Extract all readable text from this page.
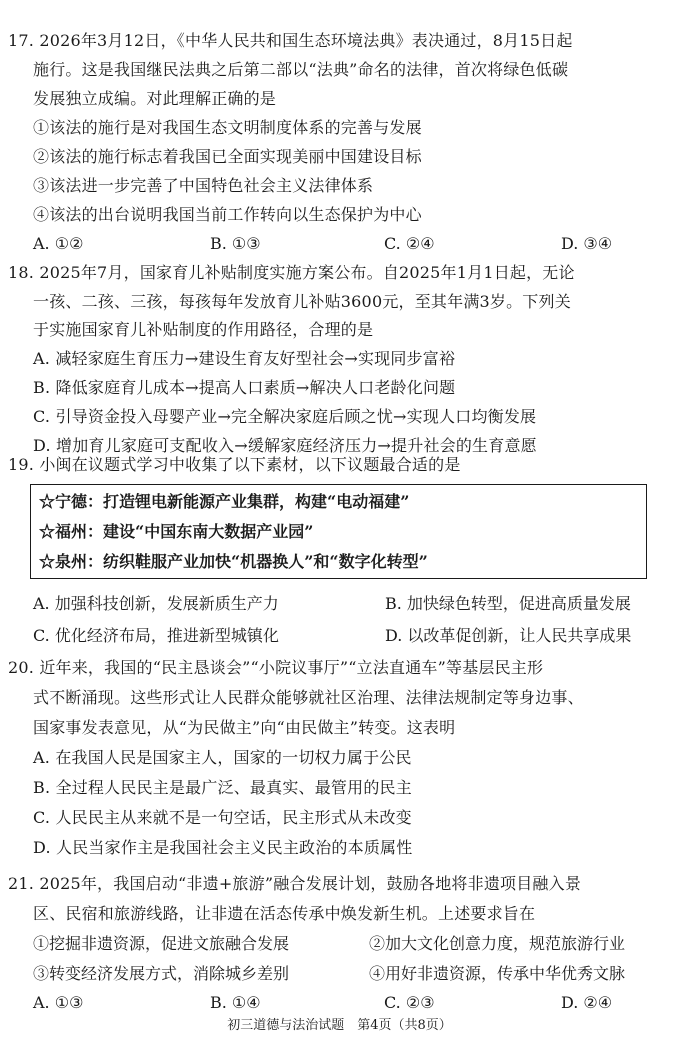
17. 2026年3月12日，《中华人民共和国生态环境法典》表决通过，8月15日起
施行。这是我国继民法典之后第二部以“法典”命名的法律，首次将绿色低碳
发展独立成编。对此理解正确的是
①该法的施行是对我国生态文明制度体系的完善与发展
②该法的施行标志着我国已全面实现美丽中国建设目标
③该法进一步完善了中国特色社会主义法律体系
④该法的出台说明我国当前工作转向以生态保护为中心
A. ①②	B. ①③	C. ②④	D. ③④
18. 2025年7月，国家育儿补贴制度实施方案公布。自2025年1月1日起，无论
一孩、二孩、三孩，每孩每年发放育儿补贴3600元，至其年满3岁。下列关
于实施国家育儿补贴制度的作用路径，合理的是
A. 减轻家庭生育压力→建设生育友好型社会→实现同步富裕
B. 降低家庭育儿成本→提高人口素质→解决人口老龄化问题
C. 引导资金投入母婴产业→完全解决家庭后顾之忧→实现人口均衡发展
D. 增加育儿家庭可支配收入→缓解家庭经济压力→提升社会的生育意愿
19. 小闽在议题式学习中收集了以下素材，以下议题最合适的是
☆宁德：打造锂电新能源产业集群，构建“电动福建”
☆福州：建设“中国东南大数据产业园”
☆泉州：纺织鞋服产业加快“机器换人”和“数字化转型”
A. 加强科技创新，发展新质生产力	B. 加快绿色转型，促进高质量发展
C. 优化经济布局，推进新型城镇化	D. 以改革促创新，让人民共享成果
20. 近年来，我国的“民主恳谈会”“小院议事厅”“立法直通车”等基层民主形
式不断涌现。这些形式让人民群众能够就社区治理、法律法规制定等身边事、
国家事发表意见，从“为民做主”向“由民做主”转变。这表明
A. 在我国人民是国家主人，国家的一切权力属于公民
B. 全过程人民民主是最广泛、最真实、最管用的民主
C. 人民民主从来就不是一句空话，民主形式从未改变
D. 人民当家作主是我国社会主义民主政治的本质属性
21. 2025年，我国启动“非遗+旅游”融合发展计划，鼓励各地将非遗项目融入景
区、民宿和旅游线路，让非遗在活态传承中焕发新生机。上述要求旨在
①挖掘非遗资源，促进文旅融合发展	②加大文化创意力度，规范旅游行业
③转变经济发展方式，消除城乡差别	④用好非遗资源，传承中华优秀文脉
A. ①③	B. ①④	C. ②③	D. ②④
初三道德与法治试题　第4页（共8页）
